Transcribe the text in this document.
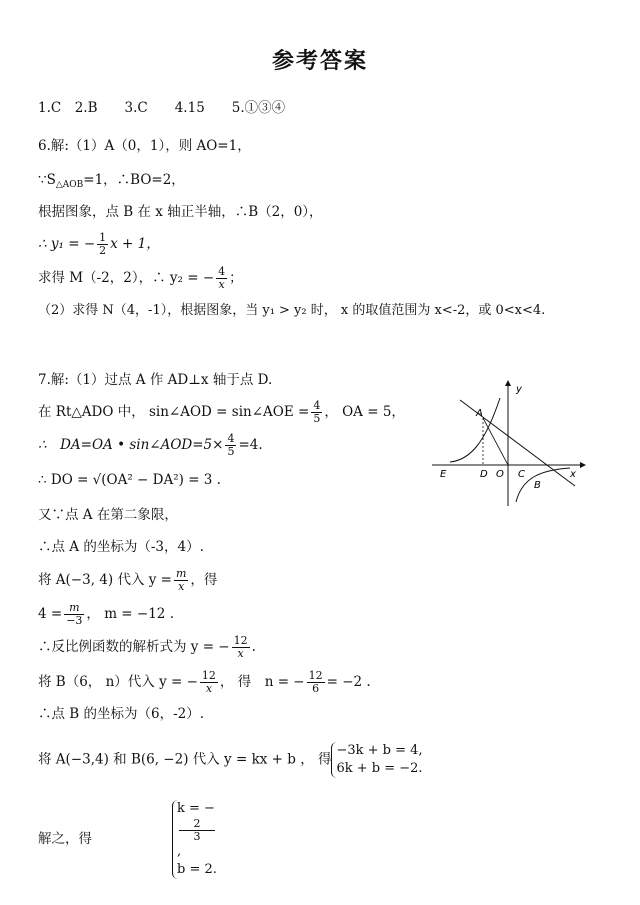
参考答案
1.C　2.B　　3.C　　4.15　　5.①③④
6.解:（1）A（0，1），则 AO=1，
$\because S_{\triangle AOB}=1$，∴BO=2，
根据图象，点 B 在 x 轴正半轴，∴B（2，0），
∴ y₁ = − $\frac{1}{2}$ x + 1，
求得 M（-2，2），∴ y₂ = − $\frac{4}{x}$ ；
（2）求得 N（4，-1），根据图象，当 y₁ > y₂ 时， x 的取值范围为 x<-2，或 0<x<4.
7.解:（1）过点 A 作 AD⊥x 轴于点 D.
在 Rt△ADO 中， sin∠AOD = sin∠AOE = $\frac{4}{5}$ ， OA = 5，
∴　DA=OA • sin∠AOD=5× $\frac{4}{5} =4$.
∴ DO = √(OA² − DA²) = 3 .
又∵点 A 在第二象限，
∴点 A 的坐标为（-3，4）.
将 A(−3, 4) 代入 $y = \frac{m}{x}$ ，得
$4 = \frac{m}{-3}$ ， m = −12 .
∴反比例函数的解析式为 y = − $\frac{12}{x}$ .
将 B（6， n）代入 y = − $\frac{12}{x}$ ， 得　n = − $\frac{12}{6} = -2$ .
∴点 B 的坐标为（6，-2）.
将 A(−3,4) 和 B(6, −2) 代入 y = kx + b ， 得
−3k + b = 4,
6k + b = −2.
解之，得
k = −
2
3
,
b = 2.
y
x
A
D O C
B
E
